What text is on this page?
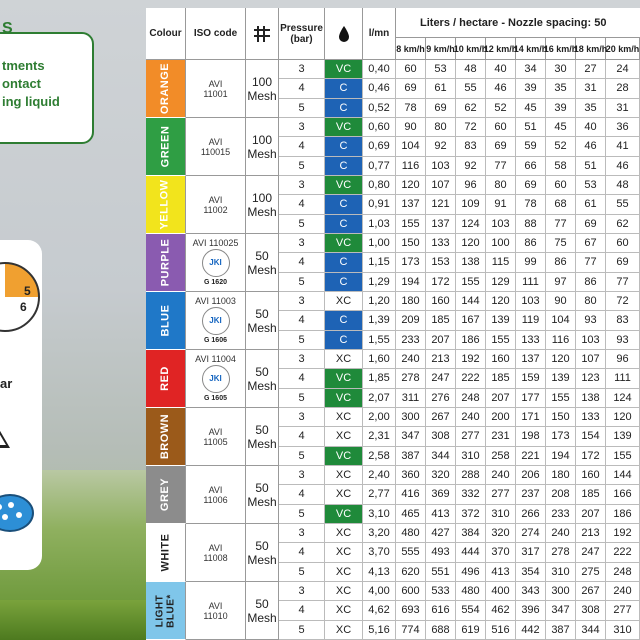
S
tments
ontact
ing liquid
5
6
ar
Colour	ISO code	Pressure (bar)	l/mn
Liters / hectare - Nozzle spacing: 50
8 km/h 9 km/h
10 km/h
12 km/h
14 km/h
16 km/h
18 km/h
20 km/h
ORANGE	AVI 11001
100 Mesh
3	VC	0,40	60	53	48	40	34	30	27	24
4	C	0,46	69	61	55	46	39	35	31	28
5	C	0,52	78	69	62	52	45	39	35	31
GREEN	AVI 110015
100 Mesh
3	VC	0,60	90	80	72	60	51	45	40	36
4	C	0,69	104	92	83	69	59	52	46	41
5	C	0,77	116	103	92	77	66	58	51	46
YELLOW	AVI 11002
100 Mesh
3	VC	0,80	120	107	96	80	69	60	53	48
4	C	0,91	137	121	109	91	78	68	61	55
5	C	1,03	155	137	124	103	88	77	69	62
PURPLE AVI 110025
JKI
G 1620
50 Mesh
3	VC	1,00	150	133	120	100	86	75	67	60
4	C	1,15	173	153	138	115	99	86	77	69
5	C	1,29	194	172	155	129	111	97	86	77
BLUE
AVI 11003
JKI
G 1606
50 Mesh
3	XC	1,20	180	160	144	120	103	90	80	72
4	C	1,39	209	185	167	139	119	104	93	83
5	C	1,55	233	207	186	155	133	116	103	93
RED
AVI 11004
JKI
G 1605
50 Mesh
3	XC	1,60	240	213	192	160	137	120	107	96
4	VC	1,85	278	247	222	185	159	139	123	111
5	VC	2,07	311	276	248	207	177	155	138	124
BROWN	AVI 11005
50 Mesh
3	XC	2,00	300	267	240	200	171	150	133	120
4	XC	2,31	347	308	277	231	198	173	154	139
5	VC	2,58	387	344	310	258	221	194	172	155
GREY	AVI 11006
50 Mesh
3	XC	2,40	360	320	288	240	206	180	160	144
4	XC	2,77	416	369	332	277	237	208	185	166
5	VC	3,10	465	413	372	310	266	233	207	186
WHITE	AVI 11008
50 Mesh
3	XC	3,20	480	427	384	320	274	240	213	192
4	XC	3,70	555	493	444	370	317	278	247	222
5	XC	4,13	620	551	496	413	354	310	275	248
LIGHT BLUE*	AVI 11010
50 Mesh
3	XC	4,00	600	533	480	400	343	300	267	240
4	XC	4,62	693	616	554	462	396	347	308	277
5	XC	5,16	774	688	619	516	442	387	344	310
